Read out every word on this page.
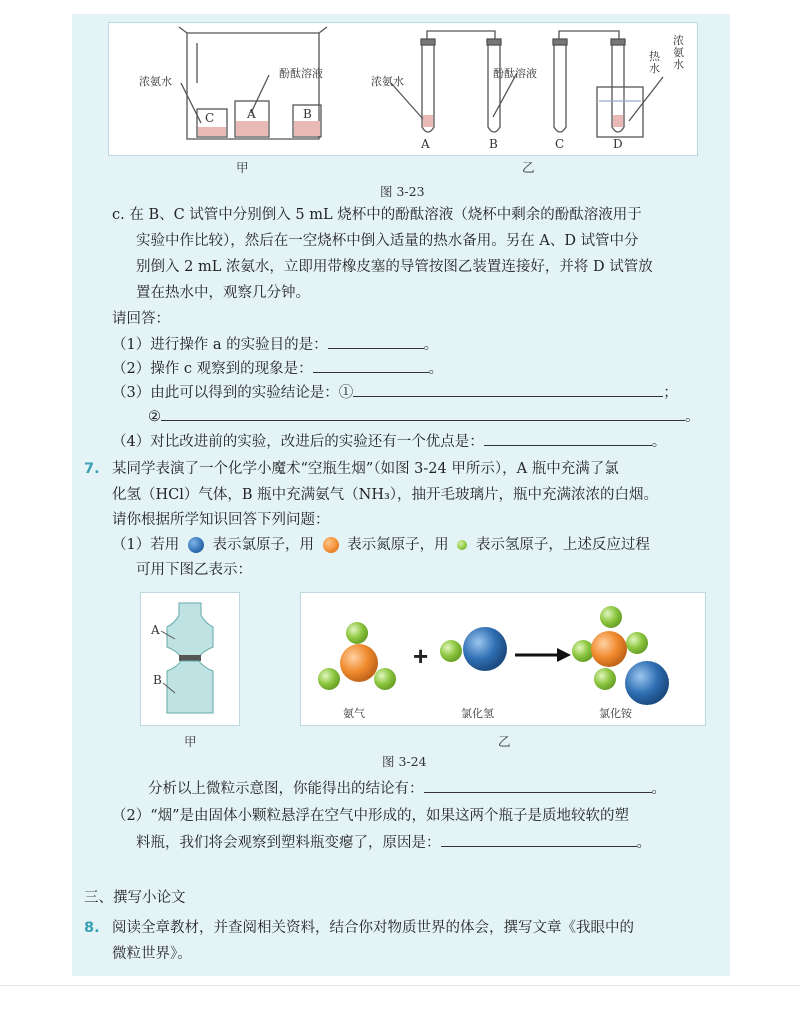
浓氨水
酚酞溶液
C	A	B
浓氨水
酚酞溶液
热水
浓氨水
A	B	C	D
甲	乙
图 3-23
c. 在 B、C 试管中分别倒入 5 mL 烧杯中的酚酞溶液（烧杯中剩余的酚酞溶液用于
实验中作比较），然后在一空烧杯中倒入适量的热水备用。另在 A、D 试管中分
别倒入 2 mL 浓氨水，立即用带橡皮塞的导管按图乙装置连接好，并将 D 试管放
置在热水中，观察几分钟。
请回答：
（1）进行操作 a 的实验目的是：	。
（2）操作 c 观察到的现象是：	。
（3）由此可以得到的实验结论是：①	；
②	。
（4）对比改进前的实验，改进后的实验还有一个优点是：	。
7. 某同学表演了一个化学小魔术“空瓶生烟”（如图 3-24 甲所示），A 瓶中充满了氯
化氢（HCl）气体，B 瓶中充满氨气（NH₃），抽开毛玻璃片，瓶中充满浓浓的白烟。
请你根据所学知识回答下列问题：
（1）若用 表示氯原子，用 表示氮原子，用 表示氢原子，上述反应过程
可用下图乙表示：
A
B
+
氨气	氯化氢	氯化铵
甲	乙
图 3-24
分析以上微粒示意图，你能得出的结论有：	。
（2）“烟”是由固体小颗粒悬浮在空气中形成的，如果这两个瓶子是质地较软的塑
料瓶，我们将会观察到塑料瓶变瘪了，原因是：	。
三、撰写小论文
8. 阅读全章教材，并查阅相关资料，结合你对物质世界的体会，撰写文章《我眼中的
微粒世界》。
